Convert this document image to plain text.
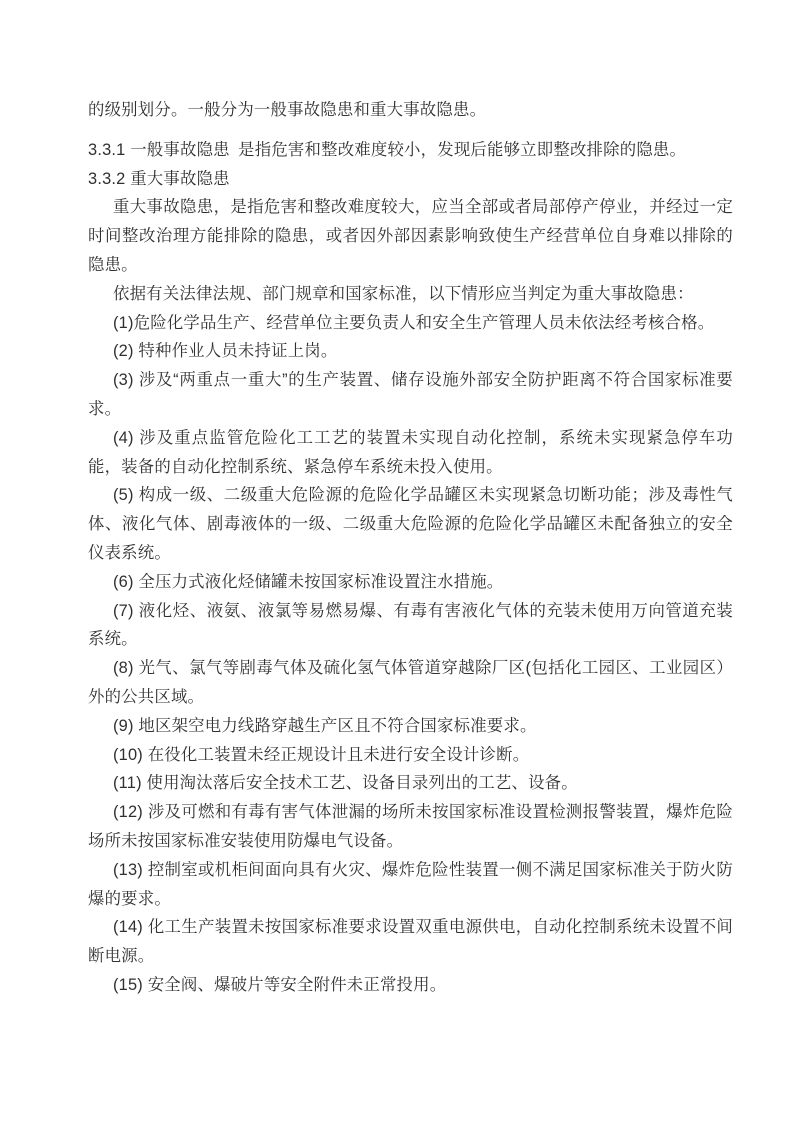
的级别划分。一般分为一般事故隐患和重大事故隐患。

3.3.1 一般事故隐患 是指危害和整改难度较小，发现后能够立即整改排除的隐患。

3.3.2 重大事故隐患

重大事故隐患，是指危害和整改难度较大，应当全部或者局部停产停业，并经过一定时间整改治理方能排除的隐患，或者因外部因素影响致使生产经营单位自身难以排除的隐患。

依据有关法律法规、部门规章和国家标准，以下情形应当判定为重大事故隐患：

(1)危险化学品生产、经营单位主要负责人和安全生产管理人员未依法经考核合格。

(2) 特种作业人员未持证上岗。

(3) 涉及“两重点一重大”的生产装置、储存设施外部安全防护距离不符合国家标准要求。

(4) 涉及重点监管危险化工工艺的装置未实现自动化控制，系统未实现紧急停车功能，装备的自动化控制系统、紧急停车系统未投入使用。

(5) 构成一级、二级重大危险源的危险化学品罐区未实现紧急切断功能；涉及毒性气体、液化气体、剧毒液体的一级、二级重大危险源的危险化学品罐区未配备独立的安全仪表系统。

(6) 全压力式液化烃储罐未按国家标准设置注水措施。

(7) 液化烃、液氨、液氯等易燃易爆、有毒有害液化气体的充装未使用万向管道充装系统。

(8) 光气、氯气等剧毒气体及硫化氢气体管道穿越除厂区(包括化工园区、工业园区）外的公共区域。

(9) 地区架空电力线路穿越生产区且不符合国家标准要求。

(10) 在役化工装置未经正规设计且未进行安全设计诊断。

(11) 使用淘汰落后安全技术工艺、设备目录列出的工艺、设备。

(12) 涉及可燃和有毒有害气体泄漏的场所未按国家标准设置检测报警装置，爆炸危险场所未按国家标准安装使用防爆电气设备。

(13) 控制室或机柜间面向具有火灾、爆炸危险性装置一侧不满足国家标准关于防火防爆的要求。

(14) 化工生产装置未按国家标准要求设置双重电源供电，自动化控制系统未设置不间断电源。

(15) 安全阀、爆破片等安全附件未正常投用。
